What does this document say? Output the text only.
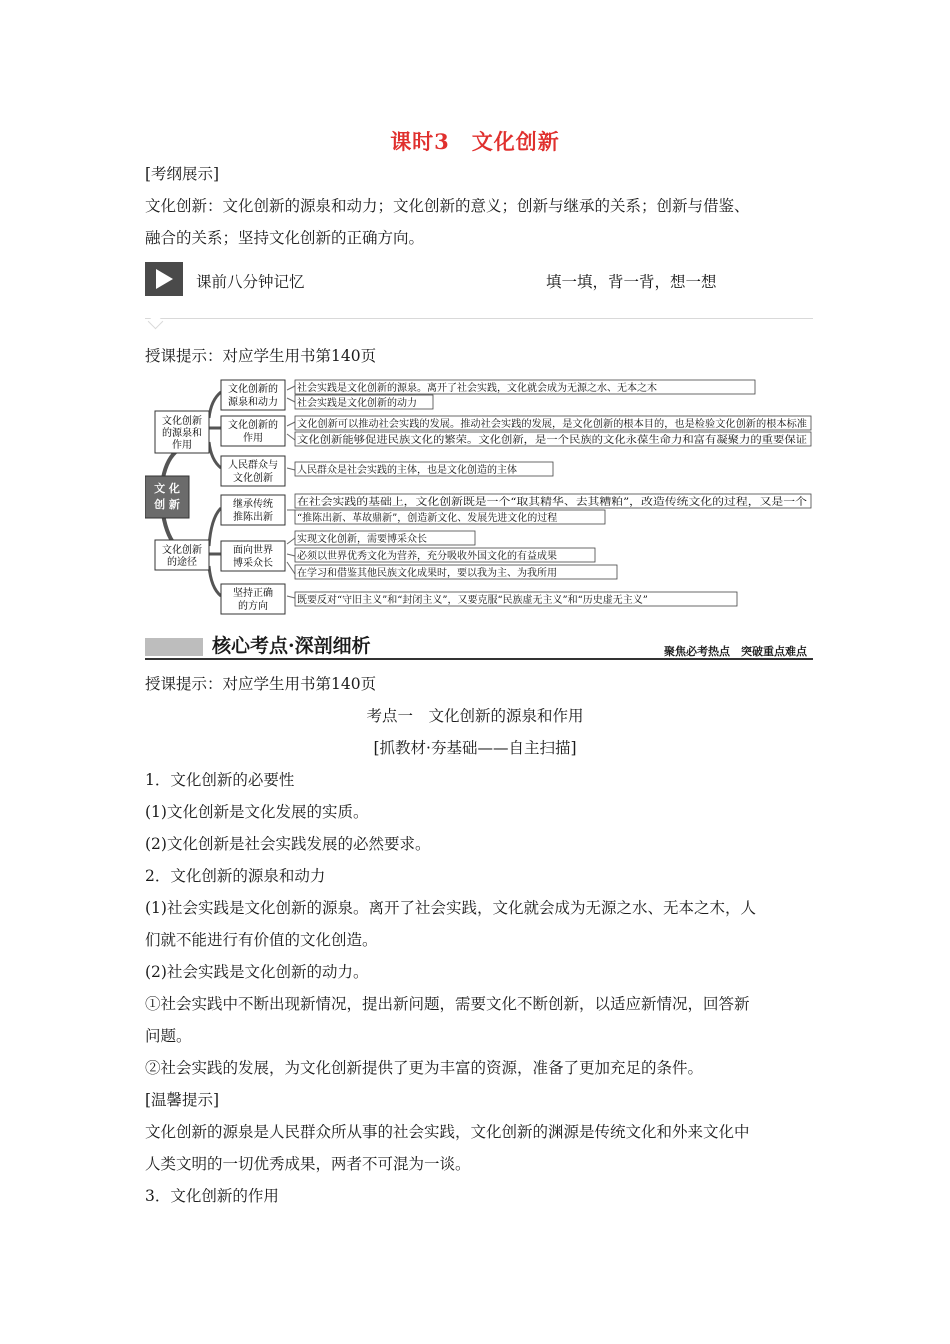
课时3　文化创新
[考纲展示]
文化创新：文化创新的源泉和动力；文化创新的意义；创新与继承的关系；创新与借鉴、
融合的关系；坚持文化创新的正确方向。
课前八分钟记忆	填一填，背一背，想一想
授课提示：对应学生用书第140页
文 化
创 新
文化创新
的源泉和
作用
文化创新
的途径
文化创新的
源泉和动力
文化创新的
作用
人民群众与
文化创新
继承传统
推陈出新
面向世界
博采众长
坚持正确
的方向
社会实践是文化创新的源泉。离开了社会实践，文化就会成为无源之水、无本之木
社会实践是文化创新的动力
文化创新可以推动社会实践的发展。推动社会实践的发展，是文化创新的根本目的，也是检验文化创新的根本标准
文化创新能够促进民族文化的繁荣。文化创新，是一个民族的文化永葆生命力和富有凝聚力的重要保证
人民群众是社会实践的主体，也是文化创造的主体
在社会实践的基础上，文化创新既是一个“取其精华、去其糟粕”，改造传统文化的过程，又是一个
“推陈出新、革故鼎新”，创造新文化、发展先进文化的过程
实现文化创新，需要博采众长
必须以世界优秀文化为营养，充分吸收外国文化的有益成果
在学习和借鉴其他民族文化成果时，要以我为主、为我所用
既要反对“守旧主义”和“封闭主义”，又要克服“民族虚无主义”和“历史虚无主义”
核心考点·深剖细析	聚焦必考热点　突破重点难点
授课提示：对应学生用书第140页
考点一　文化创新的源泉和作用
[抓教材·夯基础——自主扫描]
1．文化创新的必要性
(1)文化创新是文化发展的实质。
(2)文化创新是社会实践发展的必然要求。
2．文化创新的源泉和动力
(1)社会实践是文化创新的源泉。离开了社会实践，文化就会成为无源之水、无本之木，人
们就不能进行有价值的文化创造。
(2)社会实践是文化创新的动力。
①社会实践中不断出现新情况，提出新问题，需要文化不断创新，以适应新情况，回答新
问题。
②社会实践的发展，为文化创新提供了更为丰富的资源，准备了更加充足的条件。
[温馨提示]
文化创新的源泉是人民群众所从事的社会实践，文化创新的渊源是传统文化和外来文化中
人类文明的一切优秀成果，两者不可混为一谈。
3．文化创新的作用
